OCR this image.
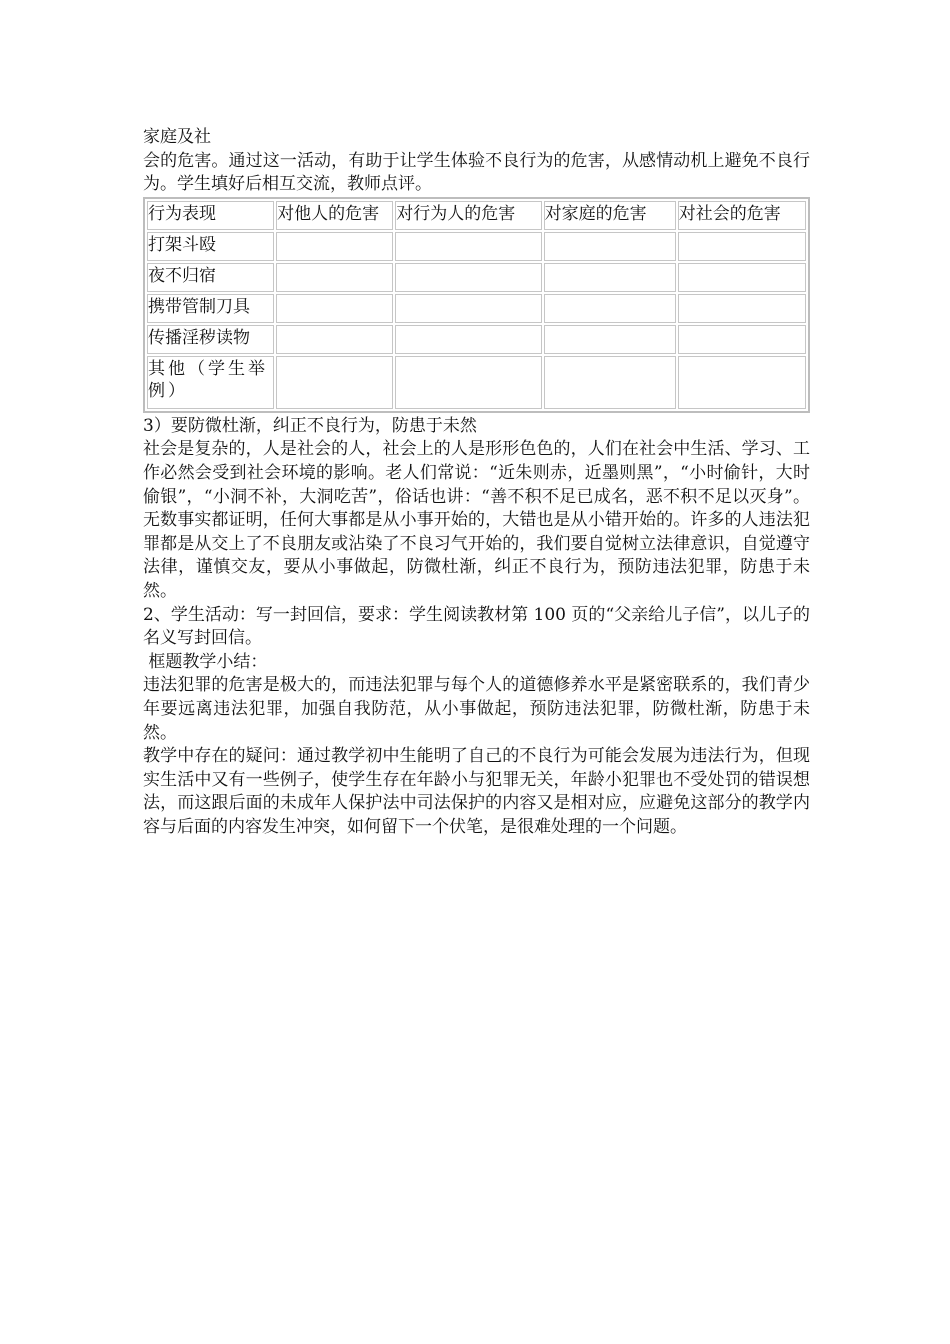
家庭及社

会的危害。通过这一活动，有助于让学生体验不良行为的危害，从感情动机上避免不良行为。学生填好后相互交流，教师点评。

行为表现	对他人的危害	对行为人的危害	对家庭的危害	对社会的危害
打架斗殴				
夜不归宿				
携带管制刀具				
传播淫秽读物				
其他（学生举例）				

3）要防微杜渐，纠正不良行为，防患于未然

社会是复杂的，人是社会的人，社会上的人是形形色色的，人们在社会中生活、学习、工作必然会受到社会环境的影响。老人们常说：“近朱则赤，近墨则黑”，“小时偷针，大时偷银”，“小洞不补，大洞吃苦”，俗话也讲：“善不积不足已成名，恶不积不足以灭身”。无数事实都证明，任何大事都是从小事开始的，大错也是从小错开始的。许多的人违法犯罪都是从交上了不良朋友或沾染了不良习气开始的，我们要自觉树立法律意识，自觉遵守法律，谨慎交友，要从小事做起，防微杜渐，纠正不良行为，预防违法犯罪，防患于未然。

2、学生活动：写一封回信，要求：学生阅读教材第 100 页的“父亲给儿子信”，以儿子的名义写封回信。

框题教学小结：

违法犯罪的危害是极大的，而违法犯罪与每个人的道德修养水平是紧密联系的，我们青少年要远离违法犯罪，加强自我防范，从小事做起，预防违法犯罪，防微杜渐，防患于未然。

教学中存在的疑问：通过教学初中生能明了自己的不良行为可能会发展为违法行为，但现实生活中又有一些例子，使学生存在年龄小与犯罪无关，年龄小犯罪也不受处罚的错误想法，而这跟后面的未成年人保护法中司法保护的内容又是相对应，应避免这部分的教学内容与后面的内容发生冲突，如何留下一个伏笔，是很难处理的一个问题。
